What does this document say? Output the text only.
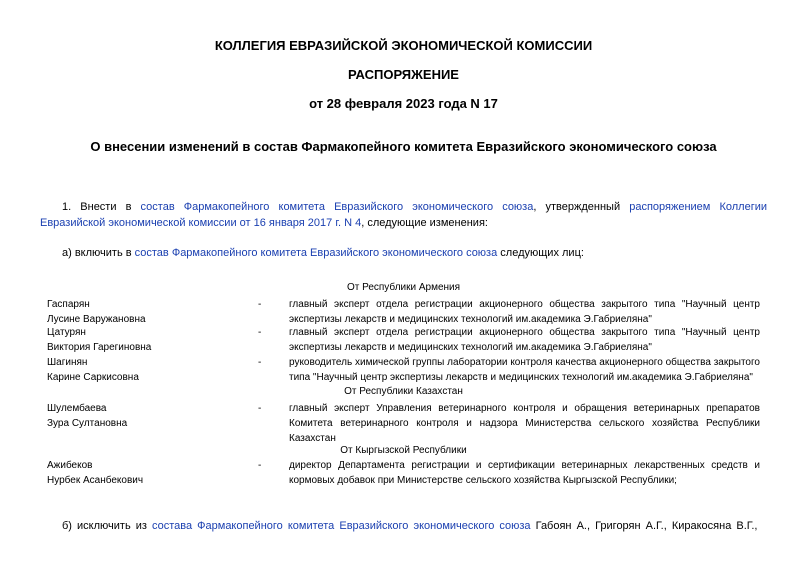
КОЛЛЕГИЯ ЕВРАЗИЙСКОЙ ЭКОНОМИЧЕСКОЙ КОМИССИИ
РАСПОРЯЖЕНИЕ
от 28 февраля 2023 года N 17
О внесении изменений в состав Фармакопейного комитета Евразийского экономического союза
1. Внести в состав Фармакопейного комитета Евразийского экономического союза, утвержденный распоряжением Коллегии Евразийской экономической комиссии от 16 января 2017 г. N 4, следующие изменения:
а) включить в состав Фармакопейного комитета Евразийского экономического союза следующих лиц:
От Республики Армения
Гаспарян
Лусине Варужановна
-	главный эксперт отдела регистрации акционерного общества закрытого типа "Научный центр экспертизы лекарств и медицинских технологий им.академика Э.Габриеляна"
Цатурян
Виктория Гарегиновна
-	главный эксперт отдела регистрации акционерного общества закрытого типа "Научный центр экспертизы лекарств и медицинских технологий им.академика Э.Габриеляна"
Шагинян
Карине Саркисовна
-	руководитель химической группы лаборатории контроля качества акционерного общества закрытого типа "Научный центр экспертизы лекарств и медицинских технологий им.академика Э.Габриеляна"
От Республики Казахстан
Шулембаева
Зура Султановна
-	главный эксперт Управления ветеринарного контроля и обращения ветеринарных препаратов Комитета ветеринарного контроля и надзора Министерства сельского хозяйства Республики Казахстан
От Кыргызской Республики
Ажибеков
Нурбек Асанбекович
-	директор Департамента регистрации и сертификации ветеринарных лекарственных средств и кормовых добавок при Министерстве сельского хозяйства Кыргызской Республики;
б) исключить из состава Фармакопейного комитета Евразийского экономического союза Габоян А., Григорян А.Г., Киракосяна В.Г.,
